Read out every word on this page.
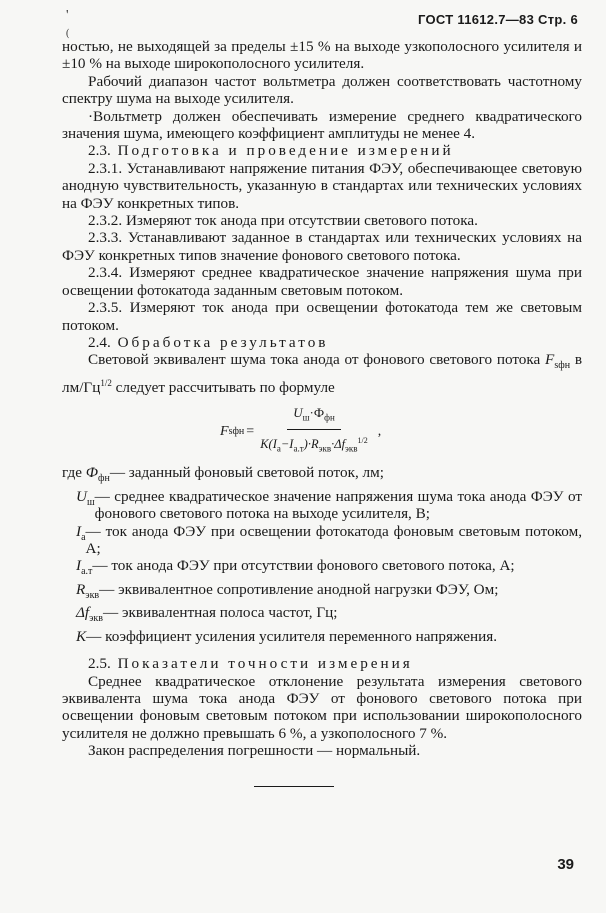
'
(
ГОСТ 11612.7—83 Стр. 6

ностью, не выходящей за пределы ±15 % на выходе узкополосного усилителя и ±10 % на выходе широкополосного усилителя.

Рабочий диапазон частот вольтметра должен соответствовать частотному спектру шума на выходе усилителя.

·Вольтметр должен обеспечивать измерение среднего квадратического значения шума, имеющего коэффициент амплитуды не менее 4.

2.3. Подготовка и проведение измерений

2.3.1. Устанавливают напряжение питания ФЭУ, обеспечивающее световую анодную чувствительность, указанную в стандартах или технических условиях на ФЭУ конкретных типов.

2.3.2. Измеряют ток анода при отсутствии светового потока.

2.3.3. Устанавливают заданное в стандартах или технических условиях на ФЭУ конкретных типов значение фонового светового потока.

2.3.4. Измеряют среднее квадратическое значение напряжения шума при освещении фотокатода заданным световым потоком.

2.3.5. Измеряют ток анода при освещении фотокатода тем же световым потоком.

2.4. Обработка результатов

Световой эквивалент шума тока анода от фонового светового потока $F_{sфн}$ в $лм/Гц^{1/2}$ следует рассчитывать по формуле

F sфн = $\frac{U_ш\cdot Ф_{фн}}{K(I_а-I_{а.т})\cdot R_{экв}\cdot\Delta f_{экв}^{1/2}}$ ,
где $Ф_{фн}$ — заданный фоновый световой поток, лм;
$U_ш$ — среднее квадратическое значение напряжения шума тока анода ФЭУ от фонового светового потока на выходе усилителя, В;
$I_а$ — ток анода ФЭУ при освещении фотокатода фоновым световым потоком, А;
$I_{а.т}$ — ток анода ФЭУ при отсутствии фонового светового потока, А;
$R_{экв}$ — эквивалентное сопротивление анодной нагрузки ФЭУ, Ом;
$\Delta f_{экв}$ — эквивалентная полоса частот, Гц;
K — коэффициент усиления усилителя переменного напряжения.

2.5. Показатели точности измерения

Среднее квадратическое отклонение результата измерения светового эквивалента шума тока анода ФЭУ от фонового светового потока при освещении фоновым световым потоком при использовании широкополосного усилителя не должно превышать 6 %, а узкополосного 7 %.

Закон распределения погрешности — нормальный.

39
